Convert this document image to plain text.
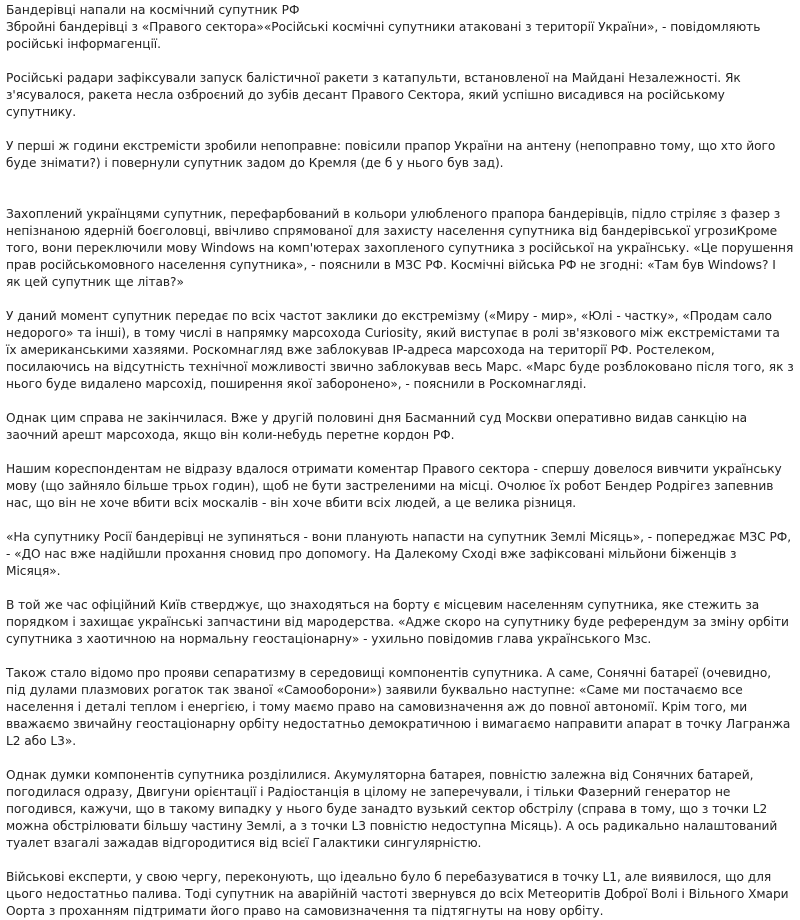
Бандерівці напали на космічний супутник РФ

Збройні бандерівці з «Правого сектора»«Російські космічні супутники атаковані з території України», - повідомляють російські інформагенції.

Російські радари зафіксували запуск балістичної ракети з катапульти, встановленої на Майдані Незалежності. Як з'ясувалося, ракета несла озброєний до зубів десант Правого Сектора, який успішно висадився на російському супутнику.

У перші ж години екстремісти зробили непоправне: повісили прапор України на антену (непоправно тому, що хто його буде знімати?) і повернули супутник задом до Кремля (де б у нього був зад).

Захоплений українцями супутник, перефарбований в кольори улюбленого прапора бандерівців, підло стріляє з фазер з непізнаною ядерній боєголовці, ввічливо спрямованої для захисту населення супутника від бандерівської угрозиКроме того, вони переключили мову Windows на комп'ютерах захопленого супутника з російської на українську. «Це порушення прав російськомовного населення супутника», - пояснили в МЗС РФ. Космічні війська РФ не згодні: «Там був Windows? І як цей супутник ще літав?»

У даний момент супутник передає по всіх частот заклики до екстремізму («Миру - мир», «Юлі - частку», «Продам сало недорого» та інші), в тому числі в напрямку марсохода Curiosity, який виступає в ролі зв'язкового між екстремістами та їх американськими хазяями. Роскомнагляд вже заблокував IP-адреса марсохода на території РФ. Ростелеком, посилаючись на відсутність технічної можливості звично заблокував весь Марс. «Марс буде розблоковано після того, як з нього буде видалено марсохід, поширення якої заборонено», - пояснили в Роскомнагляді.

Однак цим справа не закінчилася. Вже у другій половині дня Басманний суд Москви оперативно видав санкцію на заочний арешт марсохода, якщо він коли-небудь перетне кордон РФ.

Нашим кореспондентам не відразу вдалося отримати коментар Правого сектора - спершу довелося вивчити українську мову (що зайняло більше трьох годин), щоб не бути застреленими на місці. Очолює їх робот Бендер Родрігез запевнив нас, що він не хоче вбити всіх москалів - він хоче вбити всіх людей, а це велика різниця.

«На супутнику Росії бандерівці не зупиняться - вони планують напасти на супутник Землі Місяць», - попереджає МЗС РФ, - «ДО нас вже надійшли прохання сновид про допомогу. На Далекому Сході вже зафіксовані мільйони біженців з Місяця».

В той же час офіційний Київ стверджує, що знаходяться на борту є місцевим населенням супутника, яке стежить за порядком і захищає українські запчастини від мародерства. «Адже скоро на супутнику буде референдум за зміну орбіти супутника з хаотичною на нормальну геостаціонарну» - ухильно повідомив глава українського Мзс.

Також стало відомо про прояви сепаратизму в середовищі компонентів супутника. А саме, Сонячні батареї (очевидно, під дулами плазмових рогаток так званої «Самооборони») заявили буквально наступне: «Саме ми постачаємо все населення і деталі теплом і енергією, і тому маємо право на самовизначення аж до повної автономії. Крім того, ми вважаємо звичайну геостаціонарну орбіту недостатньо демократичною і вимагаємо направити апарат в точку Лагранжа L2 або L3».

Однак думки компонентів супутника розділилися. Акумуляторна батарея, повністю залежна від Сонячних батарей, погодилася одразу, Двигуни орієнтації і Радіостанція в цілому не заперечували, і тільки Фазерний генератор не погодився, кажучи, що в такому випадку у нього буде занадто вузький сектор обстрілу (справа в тому, що з точки L2 можна обстрілювати більшу частину Землі, а з точки L3 повністю недоступна Місяць). А ось радикально налаштований туалет взагалі зажадав відгородитися від всієї Галактики сингулярністю.

Військові експерти, у свою чергу, переконують, що ідеально було б перебазуватися в точку L1, але виявилося, що для цього недостатньо палива. Тоді супутник на аварійній частоті звернувся до всіх Метеоритів Доброї Волі і Вільного Хмари Оорта з проханням підтримати його право на самовизначення та підтягнуты на нову орбіту.
